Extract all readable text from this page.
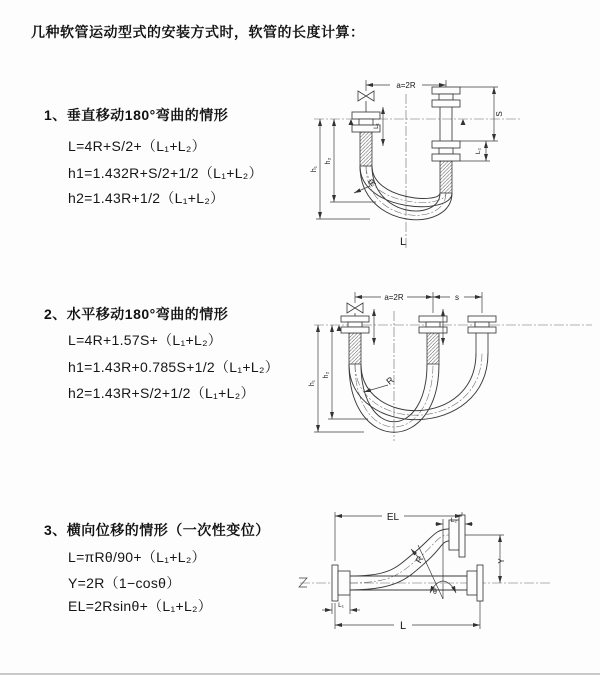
几种软管运动型式的安装方式时，软管的长度计算：
1、垂直移动180°弯曲的情形
L=4R+S/2+（L₁+L₂）
h1=1.432R+S/2+1/2（L₁+L₂）
h2=1.43R+1/2（L₁+L₂）
a=2R
S
L₂
L₁
h₁
h₂
R
L
2、水平移动180°弯曲的情形
L=4R+1.57S+（L₁+L₂）
h1=1.43R+0.785S+1/2（L₁+L₂）
h2=1.43R+S/2+1/2（L₁+L₂）
a=2R	s
h₁
h₂	R
3、横向位移的情形（一次性变位）
L=πRθ/90+（L₁+L₂）
Y=2R（1−cosθ）
EL=2Rsinθ+（L₁+L₂）
EL	L₂
R	Y
θ
L₁
L
